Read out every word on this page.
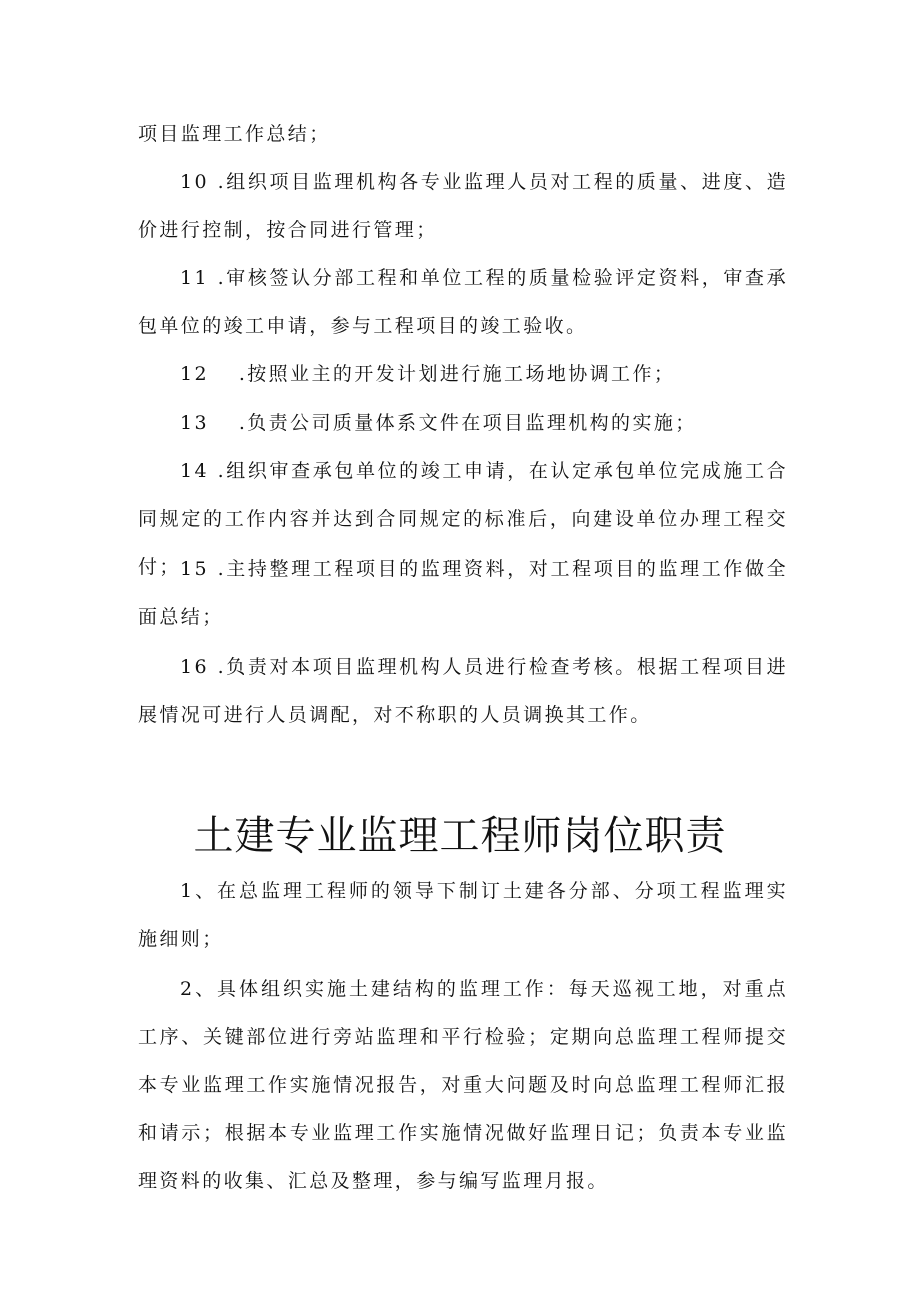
项目监理工作总结；

10 .组织项目监理机构各专业监理人员对工程的质量、进度、造价进行控制，按合同进行管理；

11 .审核签认分部工程和单位工程的质量检验评定资料，审查承包单位的竣工申请，参与工程项目的竣工验收。

12　 .按照业主的开发计划进行施工场地协调工作；

13　 .负责公司质量体系文件在项目监理机构的实施；

14 .组织审查承包单位的竣工申请，在认定承包单位完成施工合同规定的工作内容并达到合同规定的标准后，向建设单位办理工程交付； 15 .主持整理工程项目的监理资料，对工程项目的监理工作做全面总结；

16 .负责对本项目监理机构人员进行检查考核。根据工程项目进展情况可进行人员调配，对不称职的人员调换其工作。

土建专业监理工程师岗位职责

1、在总监理工程师的领导下制订土建各分部、分项工程监理实施细则；

2、具体组织实施土建结构的监理工作：每天巡视工地，对重点工序、关键部位进行旁站监理和平行检验；定期向总监理工程师提交本专业监理工作实施情况报告，对重大问题及时向总监理工程师汇报和请示；根据本专业监理工作实施情况做好监理日记；负责本专业监理资料的收集、汇总及整理，参与编写监理月报。
